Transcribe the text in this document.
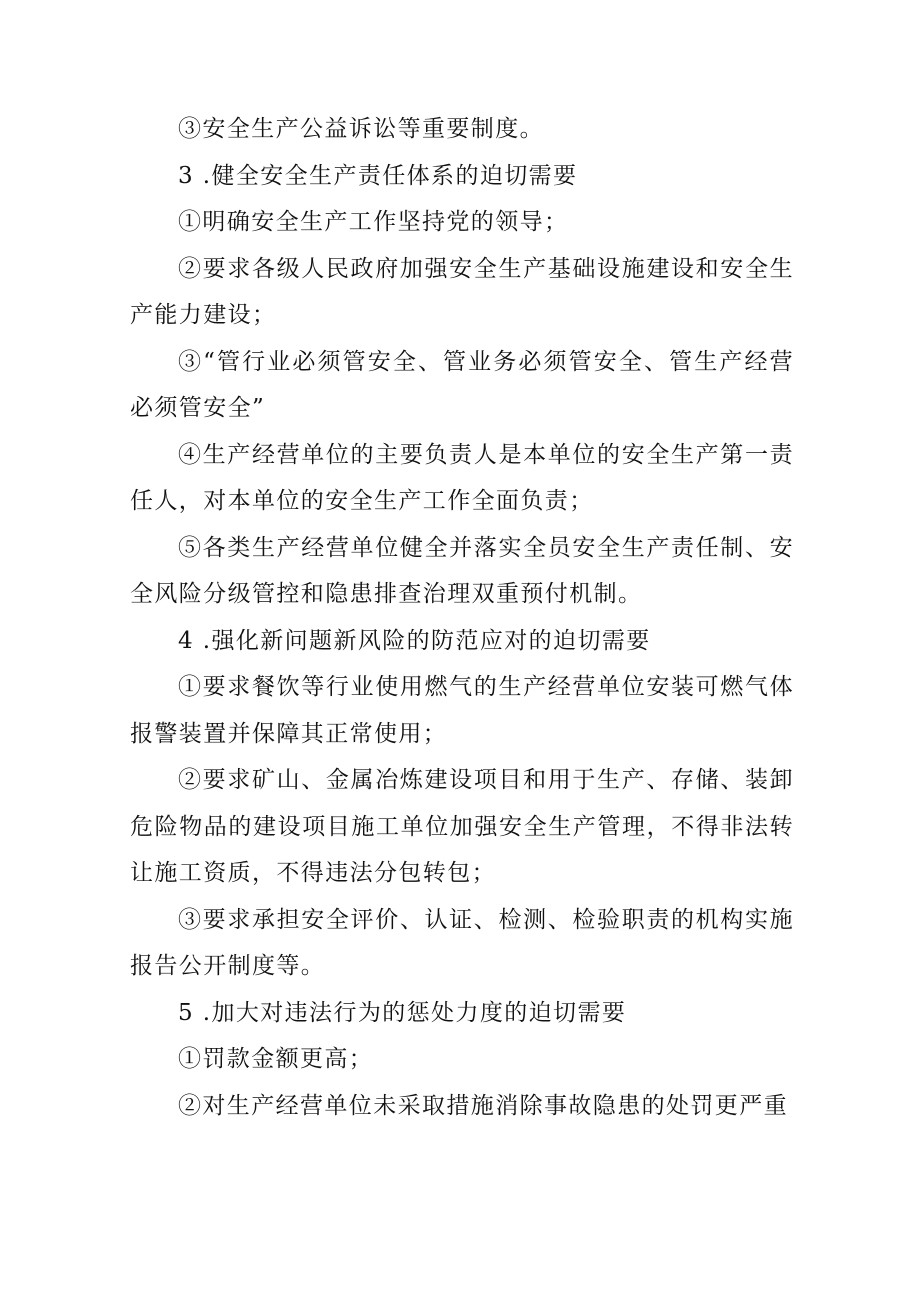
③安全生产公益诉讼等重要制度。

3 .健全安全生产责任体系的迫切需要

①明确安全生产工作坚持党的领导；

②要求各级人民政府加强安全生产基础设施建设和安全生产能力建设；

③“管行业必须管安全、管业务必须管安全、管生产经营必须管安全”

④生产经营单位的主要负责人是本单位的安全生产第一责任人，对本单位的安全生产工作全面负责；

⑤各类生产经营单位健全并落实全员安全生产责任制、安全风险分级管控和隐患排查治理双重预付机制。

4 .强化新问题新风险的防范应对的迫切需要

①要求餐饮等行业使用燃气的生产经营单位安装可燃气体报警装置并保障其正常使用；

②要求矿山、金属冶炼建设项目和用于生产、存储、装卸危险物品的建设项目施工单位加强安全生产管理，不得非法转让施工资质，不得违法分包转包；

③要求承担安全评价、认证、检测、检验职责的机构实施报告公开制度等。

5 .加大对违法行为的惩处力度的迫切需要

①罚款金额更高；

②对生产经营单位未采取措施消除事故隐患的处罚更严重
